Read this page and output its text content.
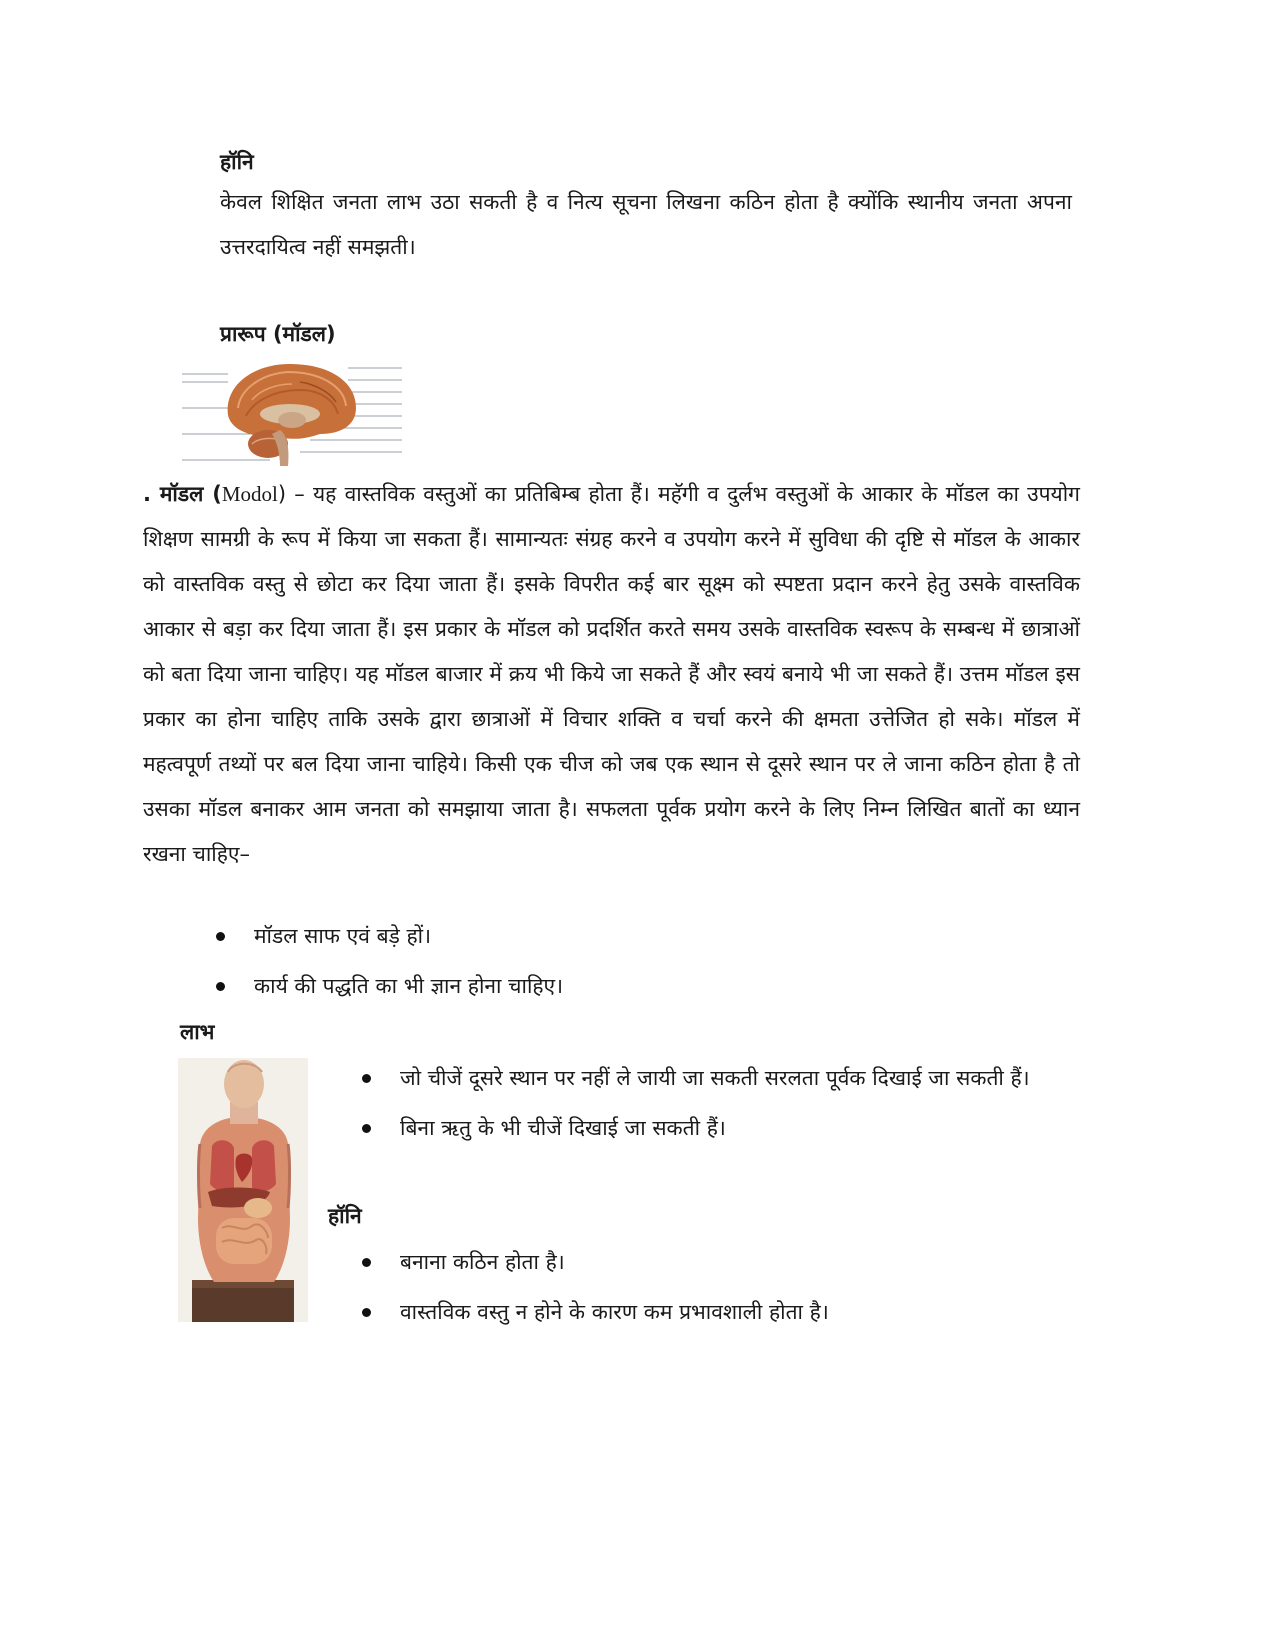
हॉनि

केवल शिक्षित जनता लाभ उठा सकती है व नित्य सूचना लिखना कठिन होता है क्योंकि स्थानीय जनता अपना उत्तरदायित्व नहीं समझती।

प्रारूप (मॉडल)

. मॉडल (Modol) – यह वास्तविक वस्तुओं का प्रतिबिम्ब होता हैं। महॅगी व दुर्लभ वस्तुओं के आकार के मॉडल का उपयोग शिक्षण सामग्री के रूप में किया जा सकता हैं। सामान्यतः संग्रह करने व उपयोग करने में सुविधा की दृष्टि से मॉडल के आकार को वास्तविक वस्तु से छोटा कर दिया जाता हैं। इसके विपरीत कई बार सूक्ष्म को स्पष्टता प्रदान करने हेतु उसके वास्तविक आकार से बड़ा कर दिया जाता हैं। इस प्रकार के मॉडल को प्रदर्शित करते समय उसके वास्तविक स्वरूप के सम्बन्ध में छात्राओं को बता दिया जाना चाहिए। यह मॉडल बाजार में क्रय भी किये जा सकते हैं और स्वयं बनाये भी जा सकते हैं। उत्तम मॉडल इस प्रकार का होना चाहिए ताकि उसके द्वारा छात्राओं में विचार शक्ति व चर्चा करने की क्षमता उत्तेजित हो सके। मॉडल में महत्वपूर्ण तथ्यों पर बल दिया जाना चाहिये। किसी एक चीज को जब एक स्थान से दूसरे स्थान पर ले जाना कठिन होता है तो उसका मॉडल बनाकर आम जनता को समझाया जाता है। सफलता पूर्वक प्रयोग करने के लिए निम्न लिखित बातों का ध्यान रखना चाहिए–

मॉडल साफ एवं बड़े हों।
कार्य की पद्धति का भी ज्ञान होना चाहिए।
लाभ
जो चीजें दूसरे स्थान पर नहीं ले जायी जा सकती सरलता पूर्वक दिखाई जा सकती हैं।
बिना ऋतु के भी चीजें दिखाई जा सकती हैं।
हॉनि
बनाना कठिन होता है।
वास्तविक वस्तु न होने के कारण कम प्रभावशाली होता है।
